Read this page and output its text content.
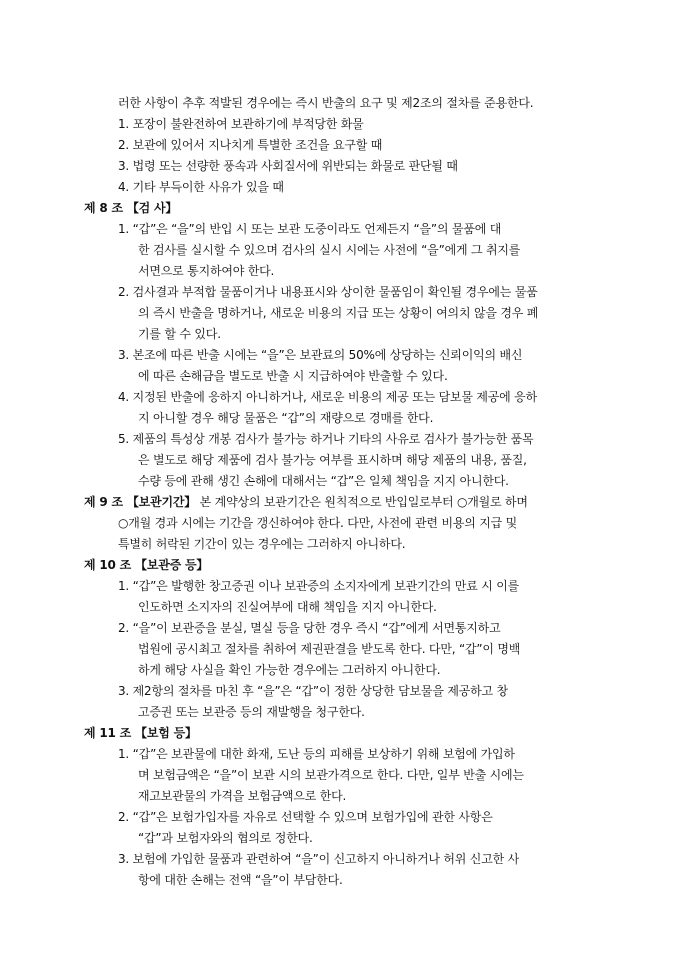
러한 사항이 추후 적발된 경우에는 즉시 반출의 요구 및 제2조의 절차를 준용한다.
1. 포장이 불완전하여 보관하기에 부적당한 화물
2. 보관에 있어서 지나치게 특별한 조건을 요구할 때
3. 법령 또는 선량한 풍속과 사회질서에 위반되는 화물로 판단될 때
4. 기타 부득이한 사유가 있을 때
제 8 조 【검 사】
1. “갑”은 “을”의 반입 시 또는 보관 도중이라도 언제든지 “을”의 물품에 대
한 검사를 실시할 수 있으며 검사의 실시 시에는 사전에 “을”에게 그 취지를
서면으로 통지하여야 한다.
2. 검사결과 부적합 물품이거나 내용표시와 상이한 물품임이 확인될 경우에는 물품
의 즉시 반출을 명하거나, 새로운 비용의 지급 또는 상황이 여의치 않을 경우 폐
기를 할 수 있다.
3. 본조에 따른 반출 시에는 “을”은 보관료의 50%에 상당하는 신뢰이익의 배신
에 따른 손해금을 별도로 반출 시 지급하여야 반출할 수 있다.
4. 지정된 반출에 응하지 아니하거나, 새로운 비용의 제공 또는 담보물 제공에 응하
지 아니할 경우 해당 물품은 “갑”의 재량으로 경매를 한다.
5. 제품의 특성상 개봉 검사가 불가능 하거나 기타의 사유로 검사가 불가능한 품목
은 별도로 해당 제품에 검사 불가능 여부를 표시하며 해당 제품의 내용, 품질,
수량 등에 관해 생긴 손해에 대해서는 “갑”은 일체 책임을 지지 아니한다.
제 9 조 【보관기간】 본 계약상의 보관기간은 원칙적으로 반입일로부터 ○개월로 하며
○개월 경과 시에는 기간을 갱신하여야 한다. 다만, 사전에 관련 비용의 지급 및
특별히 허락된 기간이 있는 경우에는 그러하지 아니하다.
제 10 조 【보관증 등】
1. “갑”은 발행한 창고증권 이나 보관증의 소지자에게 보관기간의 만료 시 이를
인도하면 소지자의 진실여부에 대해 책임을 지지 아니한다.
2. “을”이 보관증을 분실, 멸실 등을 당한 경우 즉시 “갑”에게 서면통지하고
법원에 공시최고 절차를 취하여 제권판결을 받도록 한다. 다만, “갑”이 명백
하게 해당 사실을 확인 가능한 경우에는 그러하지 아니한다.
3. 제2항의 절차를 마친 후 “을”은 “갑”이 정한 상당한 담보물을 제공하고 창
고증권 또는 보관증 등의 재발행을 청구한다.
제 11 조 【보험 등】
1. “갑”은 보관물에 대한 화재, 도난 등의 피해를 보상하기 위해 보험에 가입하
며 보험금액은 “을”이 보관 시의 보관가격으로 한다. 다만, 일부 반출 시에는
재고보관물의 가격을 보험금액으로 한다.
2. “갑”은 보험가입자를 자유로 선택할 수 있으며 보험가입에 관한 사항은
“갑”과 보험자와의 협의로 정한다.
3. 보험에 가입한 물품과 관련하여 “을”이 신고하지 아니하거나 허위 신고한 사
항에 대한 손해는 전액 “을”이 부담한다.
